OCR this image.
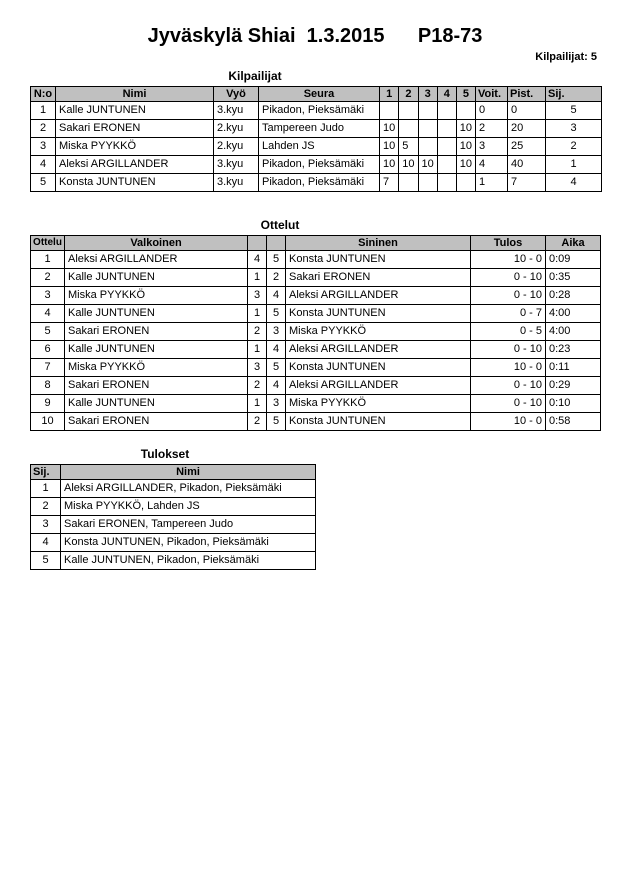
Jyväskylä Shiai  1.3.2015      P18-73
Kilpailijat: 5
Kilpailijat
N:o	Nimi	Vyö	Seura	1	2	3	4	5	Voit.	Pist.	Sij.
1	Kalle JUNTUNEN	3.kyu	Pikadon, Pieksämäki						0	0	5
2	Sakari ERONEN	2.kyu	Tampereen Judo	10				10	2	20	3
3	Miska PYYKKÖ	2.kyu	Lahden JS	10	5			10	3	25	2
4	Aleksi ARGILLANDER	3.kyu	Pikadon, Pieksämäki	10	10	10		10	4	40	1
5	Konsta JUNTUNEN	3.kyu	Pikadon, Pieksämäki	7					1	7	4
Ottelut
Ottelu	Valkoinen			Sininen	Tulos	Aika
1	Aleksi ARGILLANDER	4	5	Konsta JUNTUNEN	10 - 0	0:09
2	Kalle JUNTUNEN	1	2	Sakari ERONEN	0 - 10	0:35
3	Miska PYYKKÖ	3	4	Aleksi ARGILLANDER	0 - 10	0:28
4	Kalle JUNTUNEN	1	5	Konsta JUNTUNEN	0 - 7	4:00
5	Sakari ERONEN	2	3	Miska PYYKKÖ	0 - 5	4:00
6	Kalle JUNTUNEN	1	4	Aleksi ARGILLANDER	0 - 10	0:23
7	Miska PYYKKÖ	3	5	Konsta JUNTUNEN	10 - 0	0:11
8	Sakari ERONEN	2	4	Aleksi ARGILLANDER	0 - 10	0:29
9	Kalle JUNTUNEN	1	3	Miska PYYKKÖ	0 - 10	0:10
10	Sakari ERONEN	2	5	Konsta JUNTUNEN	10 - 0	0:58
Tulokset
Sij.	Nimi
1	Aleksi ARGILLANDER, Pikadon, Pieksämäki
2	Miska PYYKKÖ, Lahden JS
3	Sakari ERONEN, Tampereen Judo
4	Konsta JUNTUNEN, Pikadon, Pieksämäki
5	Kalle JUNTUNEN, Pikadon, Pieksämäki
